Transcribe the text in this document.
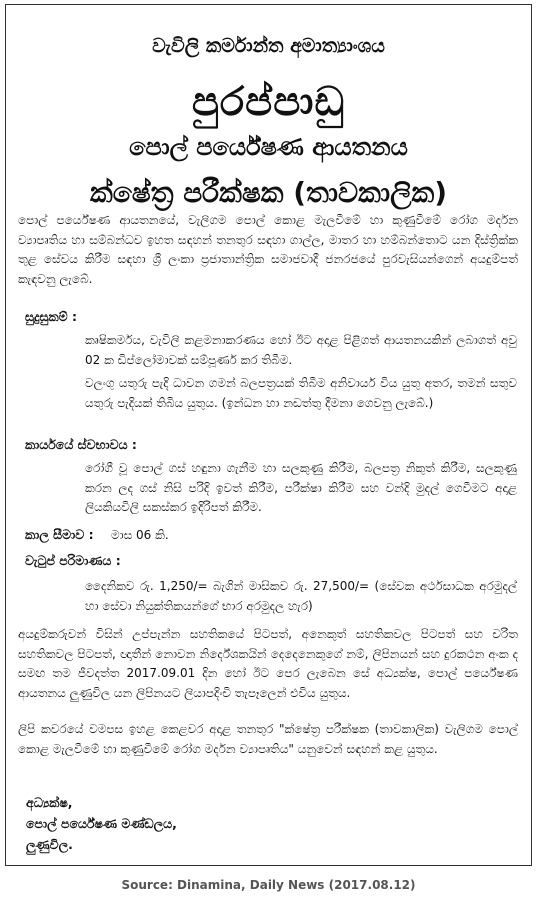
වැවිලි කර්මාන්ත අමාත්‍යාංශය
පුරප්පාඩු
පොල් පර්යේෂණ ආයතනය
ක්ෂේත්‍ර පරීක්ෂක (තාවකාලික)
පොල් පර්යේෂණ ආයතනයේ, වැලිගම පොල් කොළ මැලවීමේ හා කුණුවීමේ රෝග මර්දන ව්‍යාපෘතිය හා සම්බන්ධව ඉහත සඳහන් තනතුර සඳහා ගාල්ල, මාතර හා හම්බන්තොට යන දිස්ත්‍රික්ක තුළ සේවය කිරීම සඳහා ශ්‍රී ලංකා ප්‍රජාතාන්ත්‍රික සමාජවාදී ජනරජයේ පුරවැසියන්ගෙන් අයදුම්පත් කැඳවනු ලැබේ.
සුදුසුකම් :
කෘෂිකර්මය, වැවිලි කළමනාකරණය හෝ ඊට අදාළ පිළිගත් ආයතනයකින් ලබාගත් අවු 02 ක ඩිප්ලෝමාවක් සම්පූර්ණ කර තිබීම.
වලංගු යතුරු පැදි ධාවන ගමන් බලපත්‍රයක් තිබීම අනිවාර්ය විය යුතු අතර, තමන් සතුව යතුරු පැදියක් තිබිය යුතුය. (ඉන්ධන හා නඩත්තු දීමනා ගෙවනු ලැබේ.)
කාර්යයේ ස්වභාවය :
රෝගී වූ පොල් ගස් හඳුනා ගැනීම හා සලකුණු කිරීම, බලපත්‍ර නිකුත් කිරීම, සලකුණු කරන ලද ගස් නිසි පරිදි ඉවත් කිරීම, පරීක්ෂා කිරීම සහ වන්දි මුදල් ගෙවීමට අදාළ ලියකියවිලි සකස්කර ඉදිරිපත් කිරීම.
කාල සීමාව : මාස 06 කි.
වැටුප් පරිමාණය :
දෛනිකව රු. 1,250/= බැගින් මාසිකව රු. 27,500/= (සේවක අර්ථසාධක අරමුදල් හා සේවා නියුක්තිකයන්ගේ භාර අරමුදල හැර)
අයදුම්කරුවන් විසින් උප්පැන්න සහතිකයේ පිටපත්, අනෙකුත් සහතිකවල පිටපත් සහ චරිත සහතිකවල පිටපත්, ඥාතීන් නොවන නිර්දේශකයින් දෙදෙනෙකුගේ නම්, ලිපිනයන් සහ දුරකථන අංක ද සමඟ තම ජීවදත්ත 2017.09.01 දින හෝ ඊට පෙර ලැබෙන සේ අධ්‍යක්ෂ, පොල් පර්යේෂණ ආයතනය ලුණුවිල යන ලිපිනයට ලියාපදිංචි තැපෑලෙන් එවිය යුතුය.
ලිපි කවරයේ වමපස ඉහළ කෙළවර අදාළ තනතුර "ක්ෂේත්‍ර පරීක්ෂක (තාවකාලික) වැලිගම පොල් කොළ මැලවීමේ හා කුණුවීමේ රෝග මර්දන ව්‍යාපෘතිය" යනුවෙන් සඳහන් කළ යුතුය.
අධ්‍යක්ෂ,
පොල් පර්යේෂණ මණ්ඩලය,
ලුණුවිල.
Source: Dinamina, Daily News (2017.08.12)
